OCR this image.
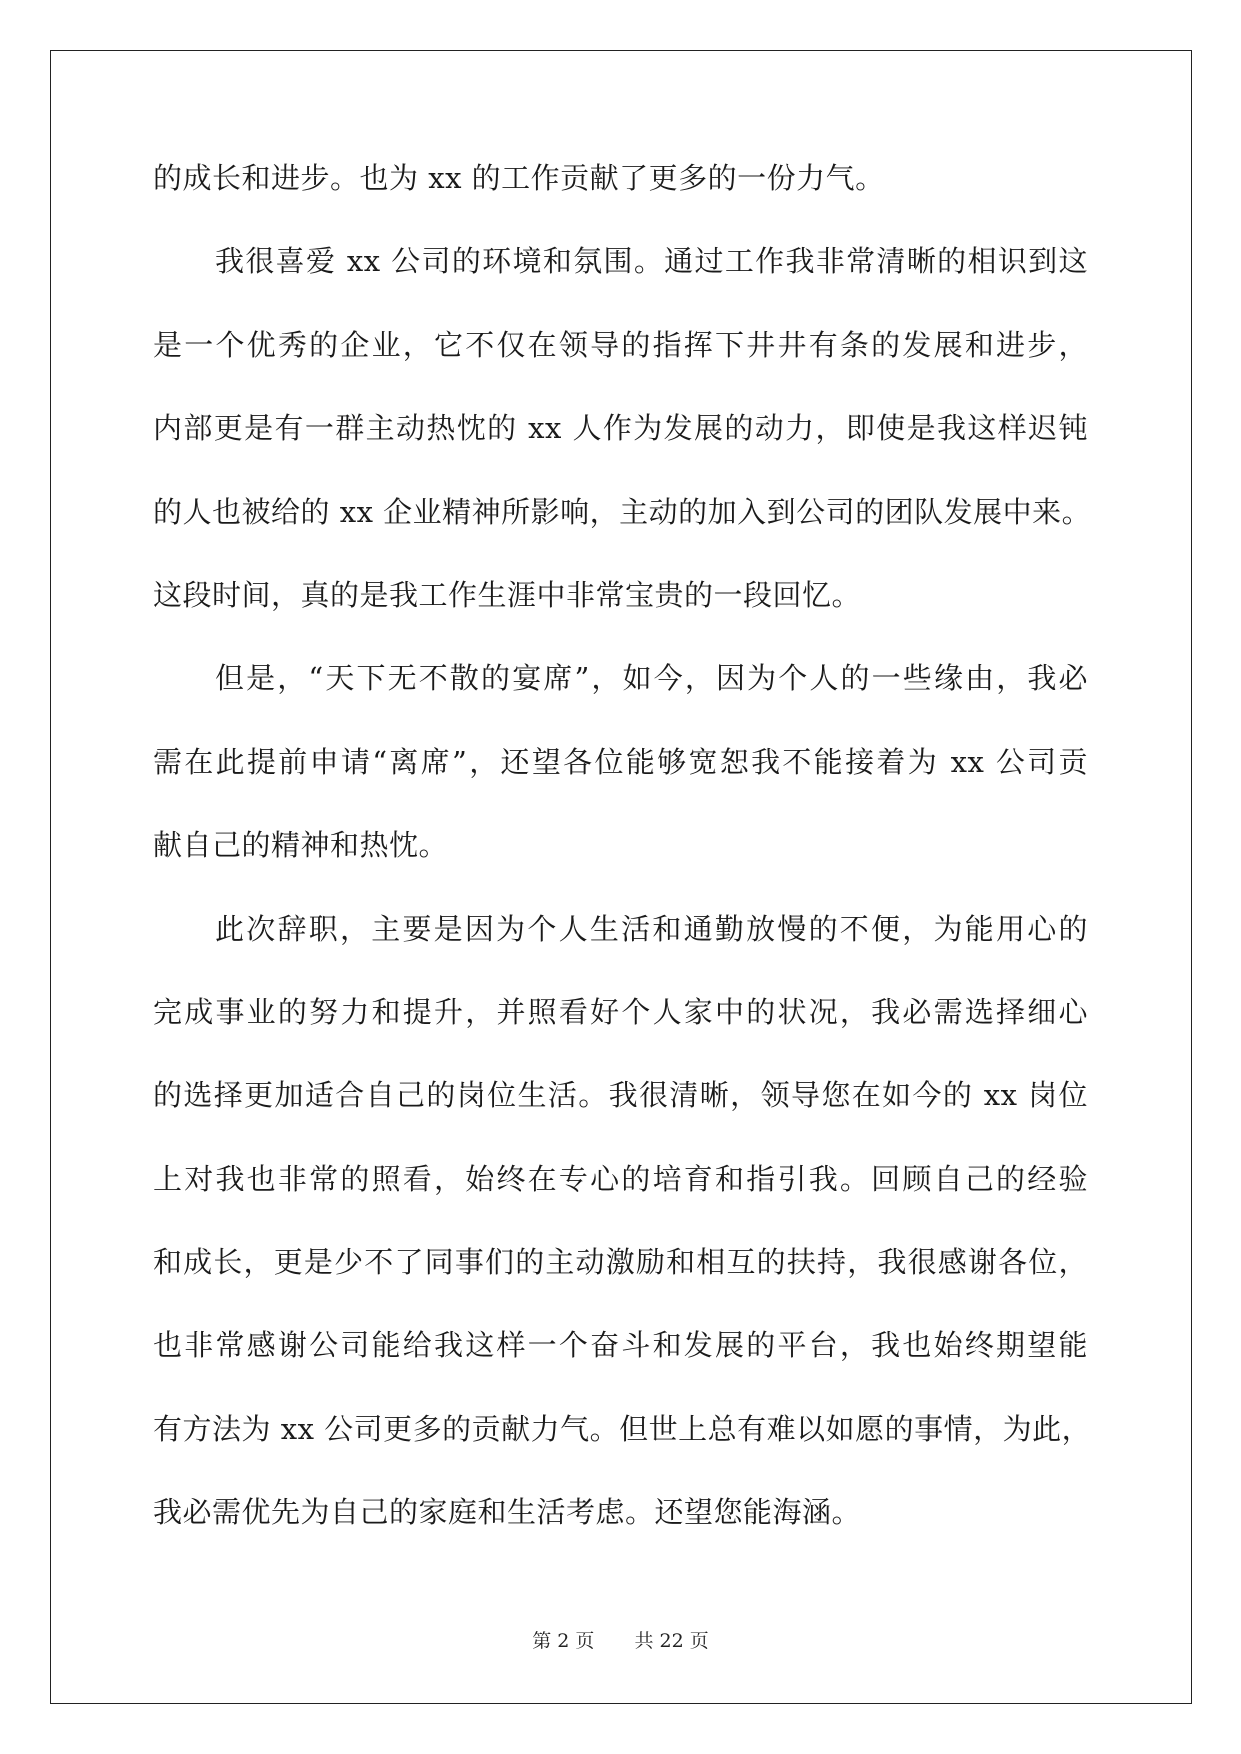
的成长和进步。也为 xx 的工作贡献了更多的一份力气。
我很喜爱 xx 公司的环境和氛围。通过工作我非常清晰的相识到这
是一个优秀的企业，它不仅在领导的指挥下井井有条的发展和进步，
内部更是有一群主动热忱的 xx 人作为发展的动力，即使是我这样迟钝
的人也被给的 xx 企业精神所影响，主动的加入到公司的团队发展中来。
这段时间，真的是我工作生涯中非常宝贵的一段回忆。
但是，“天下无不散的宴席”，如今，因为个人的一些缘由，我必
需在此提前申请“离席”，还望各位能够宽恕我不能接着为 xx 公司贡
献自己的精神和热忱。
此次辞职，主要是因为个人生活和通勤放慢的不便，为能用心的
完成事业的努力和提升，并照看好个人家中的状况，我必需选择细心
的选择更加适合自己的岗位生活。我很清晰，领导您在如今的 xx 岗位
上对我也非常的照看，始终在专心的培育和指引我。回顾自己的经验
和成长，更是少不了同事们的主动激励和相互的扶持，我很感谢各位，
也非常感谢公司能给我这样一个奋斗和发展的平台，我也始终期望能
有方法为 xx 公司更多的贡献力气。但世上总有难以如愿的事情，为此，
我必需优先为自己的家庭和生活考虑。还望您能海涵。
第 2 页 共 22 页
